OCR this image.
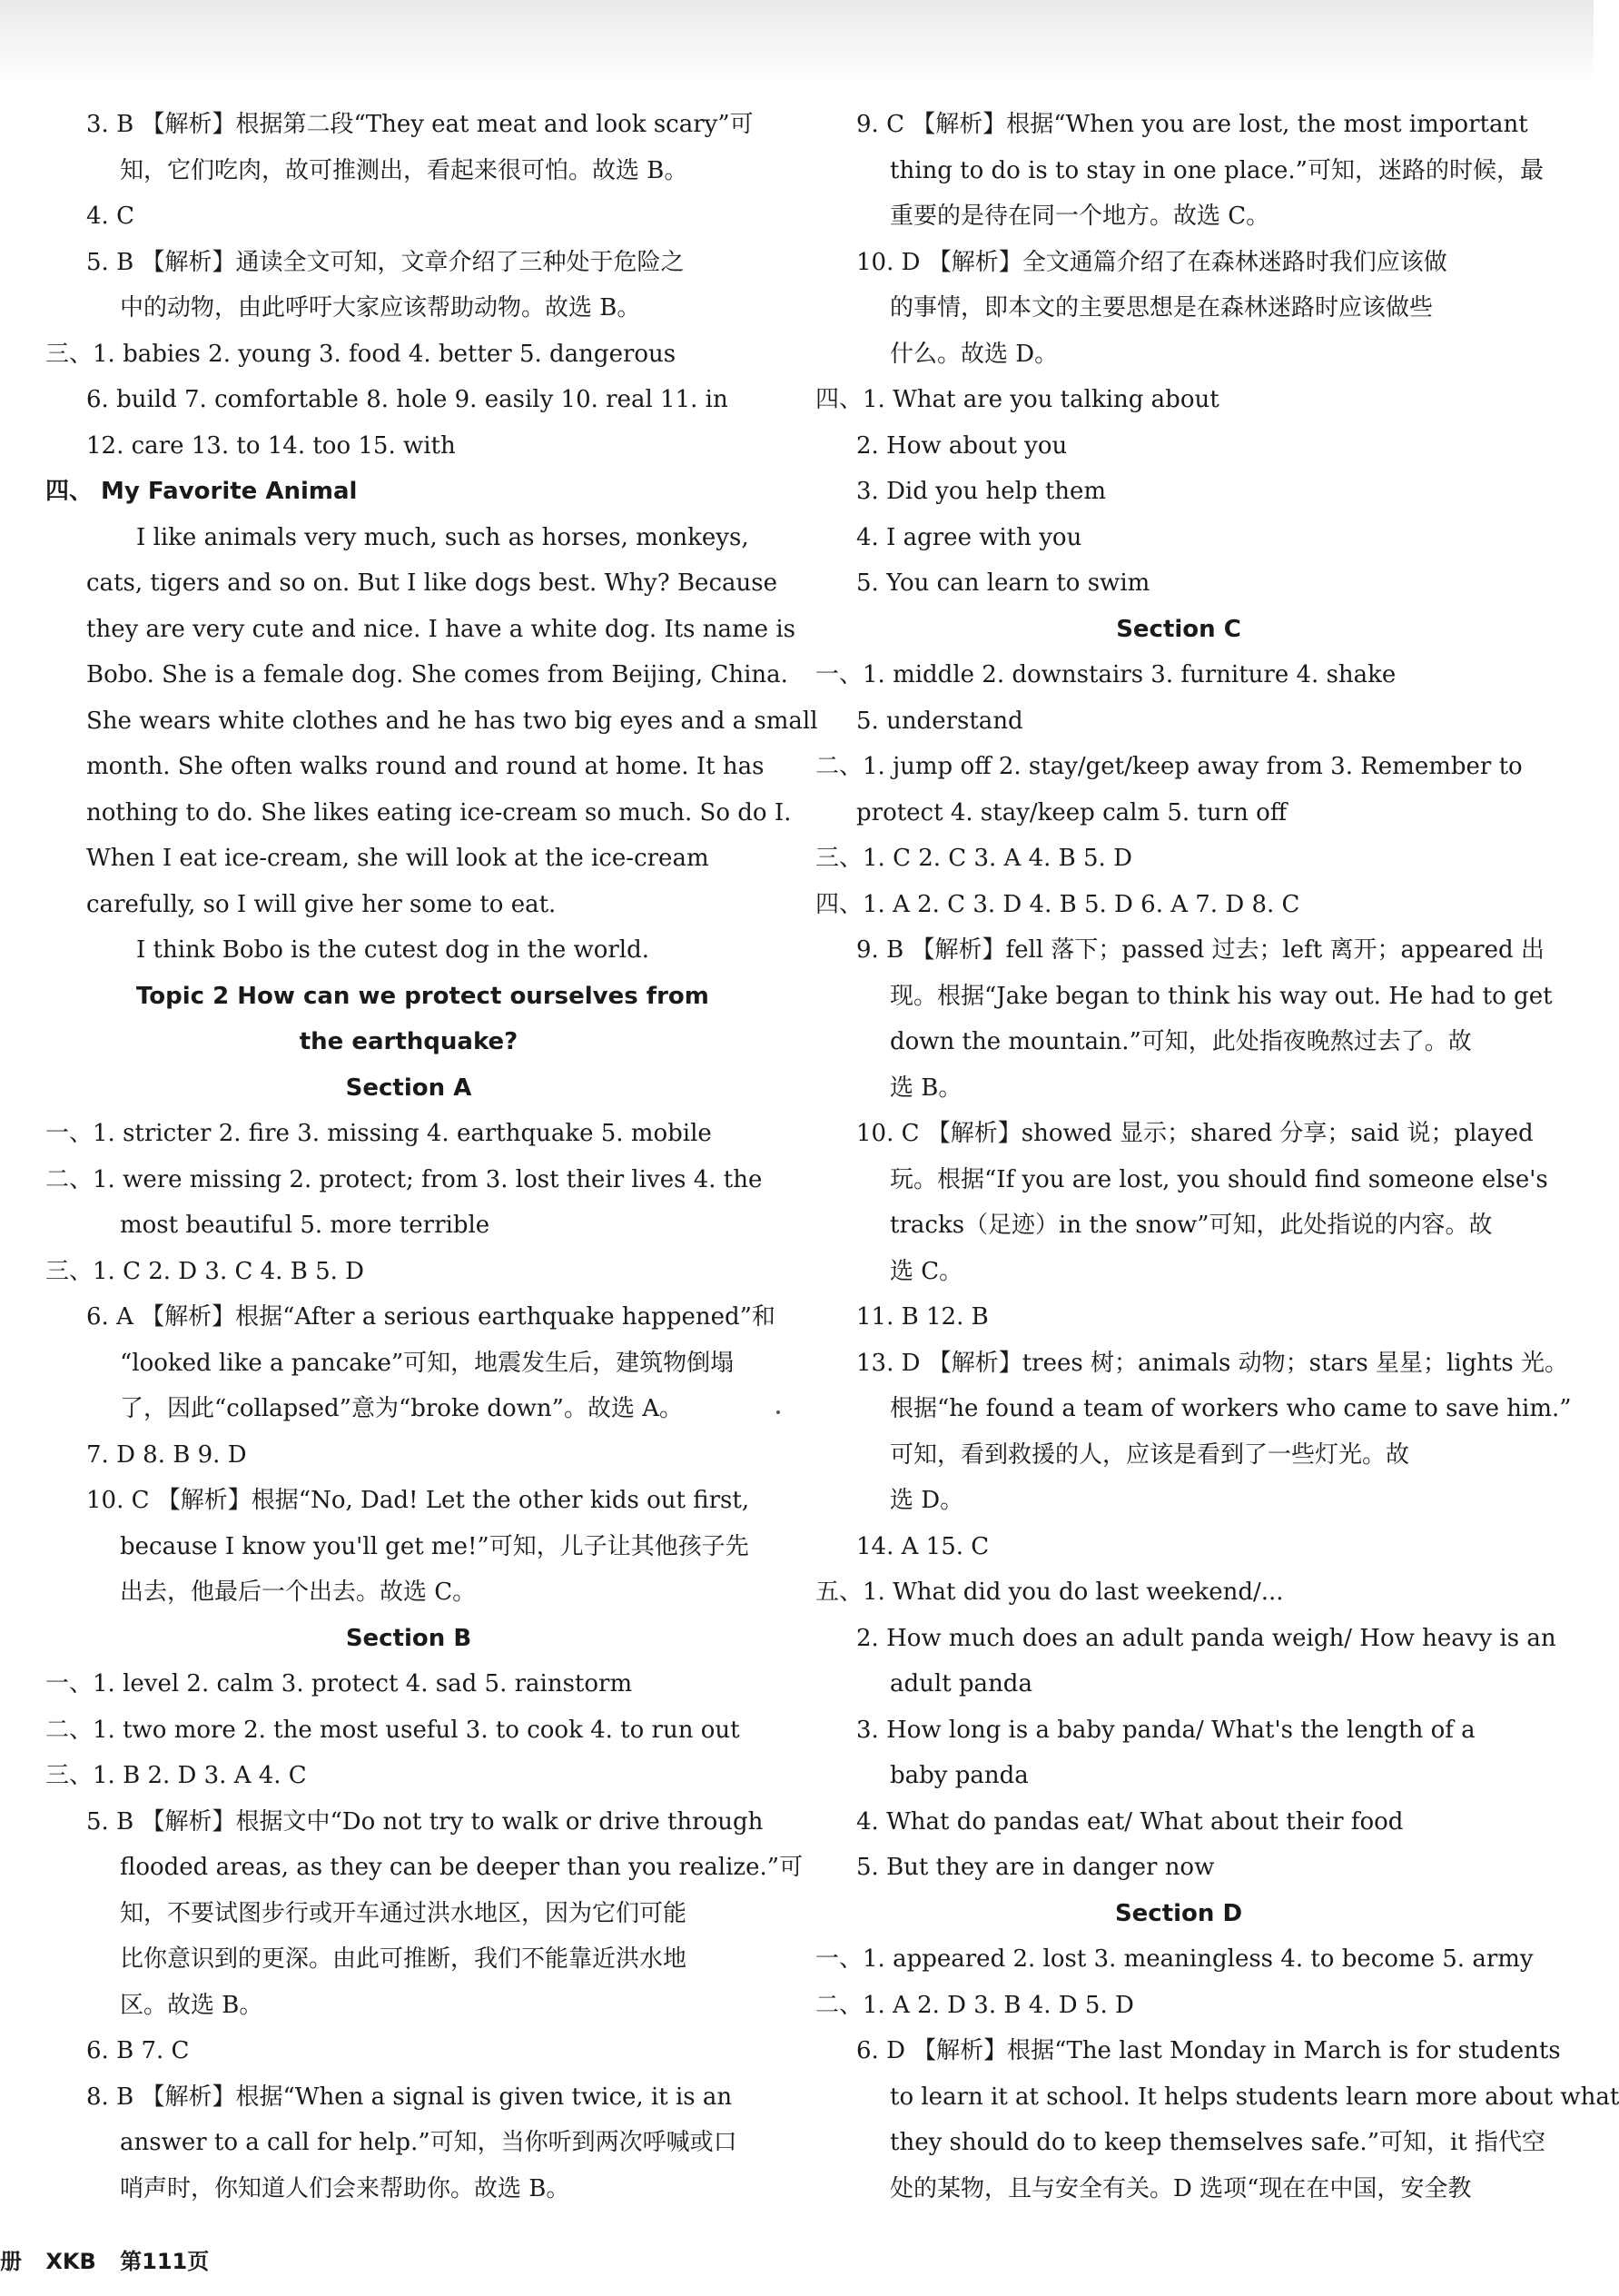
3. B 【解析】根据第二段“They eat meat and look scary”可
知，它们吃肉，故可推测出，看起来很可怕。故选 B。
4. C
5. B 【解析】通读全文可知，文章介绍了三种处于危险之
中的动物，由此呼吁大家应该帮助动物。故选 B。
三、1. babies 2. young 3. food 4. better 5. dangerous
6. build 7. comfortable 8. hole 9. easily 10. real 11. in
12. care 13. to 14. too 15. with
四、 My Favorite Animal
I like animals very much, such as horses, monkeys,
cats, tigers and so on. But I like dogs best. Why? Because
they are very cute and nice. I have a white dog. Its name is
Bobo. She is a female dog. She comes from Beijing, China.
She wears white clothes and he has two big eyes and a small
month. She often walks round and round at home. It has
nothing to do. She likes eating ice-cream so much. So do I.
When I eat ice-cream, she will look at the ice-cream
carefully, so I will give her some to eat.
I think Bobo is the cutest dog in the world.
Topic 2 How can we protect ourselves from
the earthquake?
Section A
一、1. stricter 2. fire 3. missing 4. earthquake 5. mobile
二、1. were missing 2. protect; from 3. lost their lives 4. the
most beautiful 5. more terrible
三、1. C 2. D 3. C 4. B 5. D
6. A 【解析】根据“After a serious earthquake happened”和
“looked like a pancake”可知，地震发生后，建筑物倒塌
了，因此“collapsed”意为“broke down”。故选 A。
7. D 8. B 9. D
10. C 【解析】根据“No, Dad! Let the other kids out first,
because I know you'll get me!”可知，儿子让其他孩子先
出去，他最后一个出去。故选 C。
Section B
一、1. level 2. calm 3. protect 4. sad 5. rainstorm
二、1. two more 2. the most useful 3. to cook 4. to run out
三、1. B 2. D 3. A 4. C
5. B 【解析】根据文中“Do not try to walk or drive through
flooded areas, as they can be deeper than you realize.”可
知，不要试图步行或开车通过洪水地区，因为它们可能
比你意识到的更深。由此可推断，我们不能靠近洪水地
区。故选 B。
6. B 7. C
8. B 【解析】根据“When a signal is given twice, it is an
answer to a call for help.”可知，当你听到两次呼喊或口
哨声时，你知道人们会来帮助你。故选 B。
9. C 【解析】根据“When you are lost, the most important
thing to do is to stay in one place.”可知，迷路的时候，最
重要的是待在同一个地方。故选 C。
10. D 【解析】全文通篇介绍了在森林迷路时我们应该做
的事情，即本文的主要思想是在森林迷路时应该做些
什么。故选 D。
四、1. What are you talking about
2. How about you
3. Did you help them
4. I agree with you
5. You can learn to swim
Section C
一、1. middle 2. downstairs 3. furniture 4. shake
5. understand
二、1. jump off 2. stay/get/keep away from 3. Remember to
protect 4. stay/keep calm 5. turn off
三、1. C 2. C 3. A 4. B 5. D
四、1. A 2. C 3. D 4. B 5. D 6. A 7. D 8. C
9. B 【解析】fell 落下；passed 过去；left 离开；appeared 出
现。根据“Jake began to think his way out. He had to get
down the mountain.”可知，此处指夜晚熬过去了。故
选 B。
10. C 【解析】showed 显示；shared 分享；said 说；played
玩。根据“If you are lost, you should find someone else's
tracks（足迹）in the snow”可知，此处指说的内容。故
选 C。
11. B 12. B
13. D 【解析】trees 树；animals 动物；stars 星星；lights 光。
根据“he found a team of workers who came to save him.”
可知，看到救援的人，应该是看到了一些灯光。故
选 D。
14. A 15. C
五、1. What did you do last weekend/...
2. How much does an adult panda weigh/ How heavy is an
adult panda
3. How long is a baby panda/ What's the length of a
baby panda
4. What do pandas eat/ What about their food
5. But they are in danger now
Section D
一、1. appeared 2. lost 3. meaningless 4. to become 5. army
二、1. A 2. D 3. B 4. D 5. D
6. D 【解析】根据“The last Monday in March is for students
to learn it at school. It helps students learn more about what
they should do to keep themselves safe.”可知，it 指代空
处的某物，且与安全有关。D 选项“现在在中国，安全教
册 XKB 第111页
